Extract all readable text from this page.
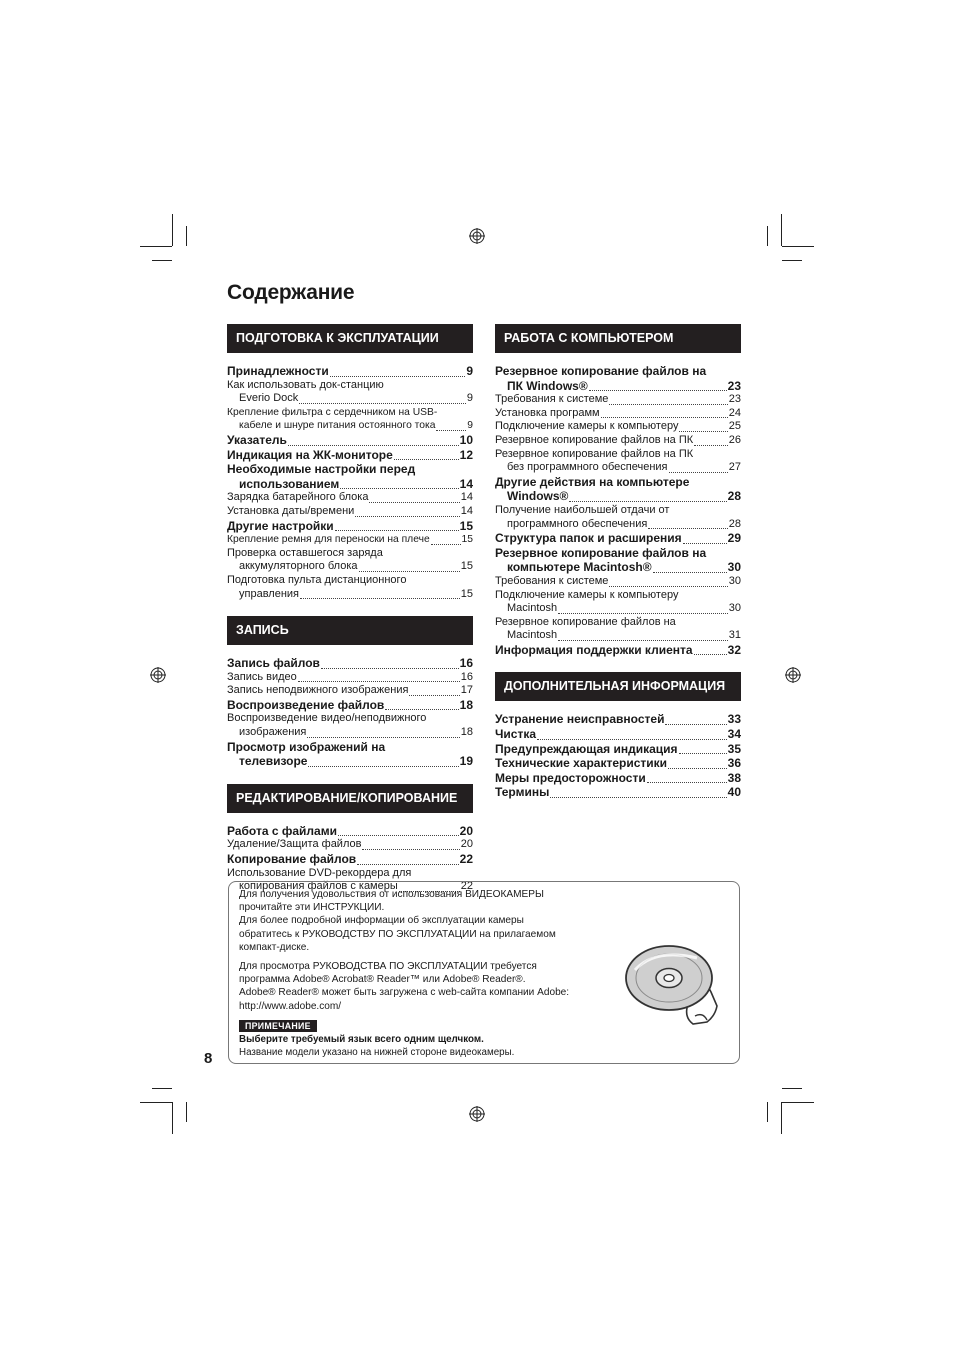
Содержание
ПОДГОТОВКА К ЭКСПЛУАТАЦИИ
Принадлежности	9
Как использовать док-станцию
Everio Dock	9
Крепление фильтра с сердечником на USB-
кабеле и шнуре питания остоянного тока	9
Указатель	10
Индикация на ЖК-мониторе	12
Необходимые настройки перед
использованием	14
Зарядка батарейного блока	14
Установка даты/времени	14
Другие настройки	15
Крепление ремня для переноски на плече	15
Проверка оставшегося заряда
аккумуляторного блока	15
Подготовка пульта дистанционного
управления	15
ЗАПИСЬ
Запись файлов	16
Запись видео	16
Запись неподвижного изображения	17
Воспроизведение файлов	18
Воспроизведение видео/неподвижного
изображения	18
Просмотр изображений на
телевизоре	19
РЕДАКТИРОВАНИЕ/КОПИРОВАНИЕ
Работа с файлами	20
Удаление/Защита файлов	20
Копирование файлов	22
Использование DVD-рекордера для
копирования файлов с камеры	22
РАБОТА С КОМПЬЮТЕРОМ
Резервное копирование файлов на
ПК Windows®	23
Требования к системе	23
Установка программ	24
Подключение камеры к компьютеру	25
Резервное копирование файлов на ПК	26
Резервное копирование файлов на ПК
без программного обеспечения	27
Другие действия на компьютере
Windows®	28
Получение наибольшей отдачи от
программного обеспечения	28
Структура папок и расширения	29
Резервное копирование файлов на
компьютере Macintosh®	30
Требования к системе	30
Подключение камеры к компьютеру
Macintosh	30
Резервное копирование файлов на
Macintosh	31
Информация поддержки клиента	32
ДОПОЛНИТЕЛЬНАЯ ИНФОРМАЦИЯ
Устранение неисправностей	33
Чистка	34
Предупреждающая индикация	35
Технические характеристики	36
Меры предосторожности	38
Термины	40

Для получения удовольствия от использования ВИДЕОКАМЕРЫ

прочитайте эти ИНСТРУКЦИИ.

Для более подробной информации об эксплуатации камеры

обратитесь к РУКОВОДСТВУ ПО ЭКСПЛУАТАЦИИ на прилагаемом

компакт-диске.

Для просмотра РУКОВОДСТВА ПО ЭКСПЛУАТАЦИИ требуется

программа Adobe® Acrobat® Reader™ или Adobe® Reader®.

Adobe® Reader® может быть загружена с web-сайта компании Adobe:

http://www.adobe.com/

ПРИМЕЧАНИЕ
Выберите требуемый язык всего одним щелчком.
Название модели указано на нижней стороне видеокамеры.
8
